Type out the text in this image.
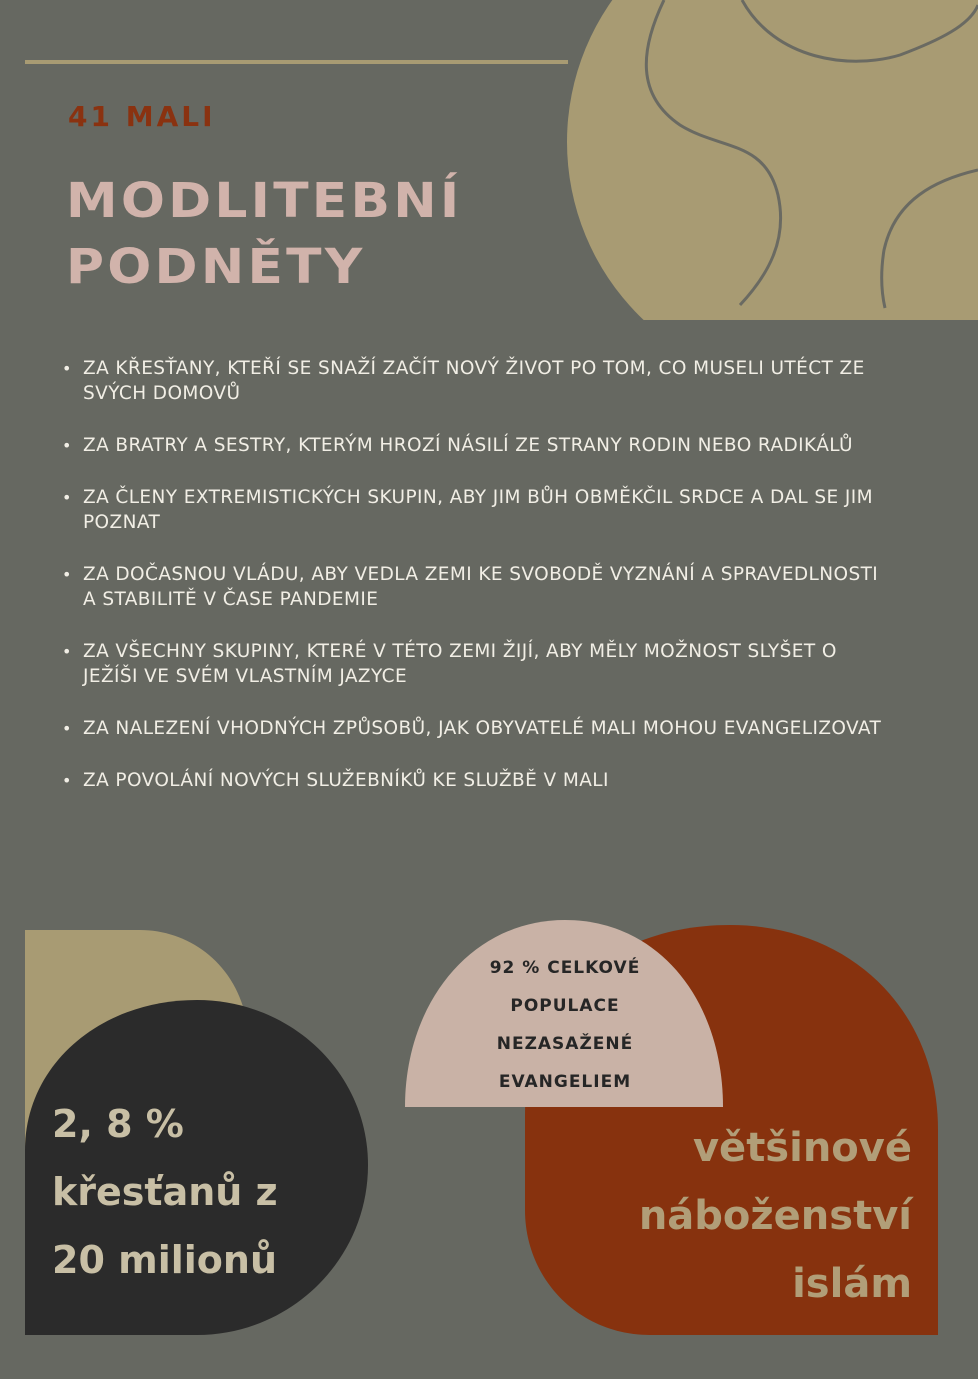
41 MALI
MODLITEBNÍ PODNĚTY
• ZA KŘESŤANY, KTEŘÍ SE SNAŽÍ ZAČÍT NOVÝ ŽIVOT PO TOM, CO MUSELI UTÉCT ZE SVÝCH DOMOVŮ
• ZA BRATRY A SESTRY, KTERÝM HROZÍ NÁSILÍ ZE STRANY RODIN NEBO RADIKÁLŮ
• ZA ČLENY EXTREMISTICKÝCH SKUPIN, ABY JIM BŮH OBMĚKČIL SRDCE A DAL SE JIM POZNAT
• ZA DOČASNOU VLÁDU, ABY VEDLA ZEMI KE SVOBODĚ VYZNÁNÍ A SPRAVEDLNOSTI A STABILITĚ V ČASE PANDEMIE
• ZA VŠECHNY SKUPINY, KTERÉ V TÉTO ZEMI ŽIJÍ, ABY MĚLY MOŽNOST SLYŠET O JEŽÍŠI VE SVÉM VLASTNÍM JAZYCE
• ZA NALEZENÍ VHODNÝCH ZPŮSOBŮ, JAK OBYVATELÉ MALI MOHOU EVANGELIZOVAT
• ZA POVOLÁNÍ NOVÝCH SLUŽEBNÍKŮ KE SLUŽBĚ V MALI
2, 8 %
křesťanů z
20 milionů
92 % CELKOVÉ
POPULACE
NEZASAŽENÉ
EVANGELIEM
většinové
náboženství
islám
